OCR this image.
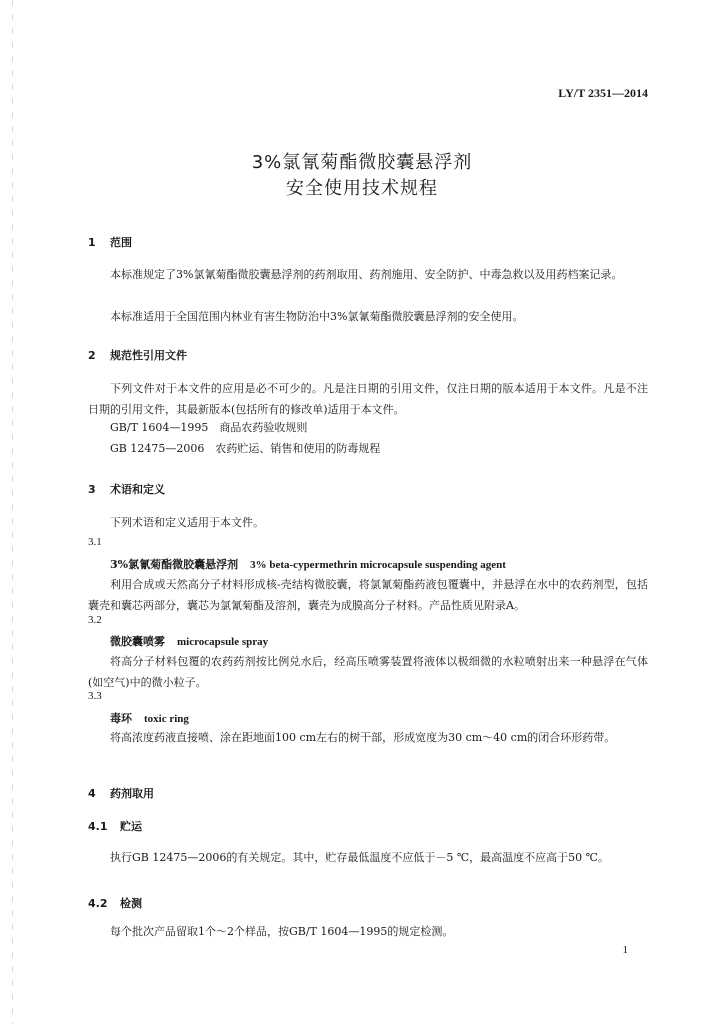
LY/T 2351—2014
3%氯氰菊酯微胶囊悬浮剂
安全使用技术规程
1 范围
本标准规定了3%氯氰菊酯微胶囊悬浮剂的药剂取用、药剂施用、安全防护、中毒急救以及用药档案记录。
本标准适用于全国范围内林业有害生物防治中3%氯氰菊酯微胶囊悬浮剂的安全使用。
2 规范性引用文件
下列文件对于本文件的应用是必不可少的。凡是注日期的引用文件，仅注日期的版本适用于本文件。凡是不注日期的引用文件，其最新版本(包括所有的修改单)适用于本文件。
GB/T 1604—1995　商品农药验收规则
GB 12475—2006　农药贮运、销售和使用的防毒规程
3 术语和定义
下列术语和定义适用于本文件。
3.1
3%氯氰菊酯微胶囊悬浮剂 3% beta-cypermethrin microcapsule suspending agent
利用合成或天然高分子材料形成核-壳结构微胶囊，将氯氰菊酯药液包覆囊中，并悬浮在水中的农药剂型，包括囊壳和囊芯两部分，囊芯为氯氰菊酯及溶剂，囊壳为成膜高分子材料。产品性质见附录A。
3.2
微胶囊喷雾 microcapsule spray
将高分子材料包覆的农药药剂按比例兑水后，经高压喷雾装置将液体以极细微的水粒喷射出来一种悬浮在气体(如空气)中的微小粒子。
3.3
毒环 toxic ring
将高浓度药液直接喷、涂在距地面100 cm左右的树干部，形成宽度为30 cm～40 cm的闭合环形药带。
4 药剂取用
4.1 贮运
执行GB 12475—2006的有关规定。其中，贮存最低温度不应低于－5 ℃，最高温度不应高于50 ℃。
4.2 检测
每个批次产品留取1个～2个样品，按GB/T 1604—1995的规定检测。
1
